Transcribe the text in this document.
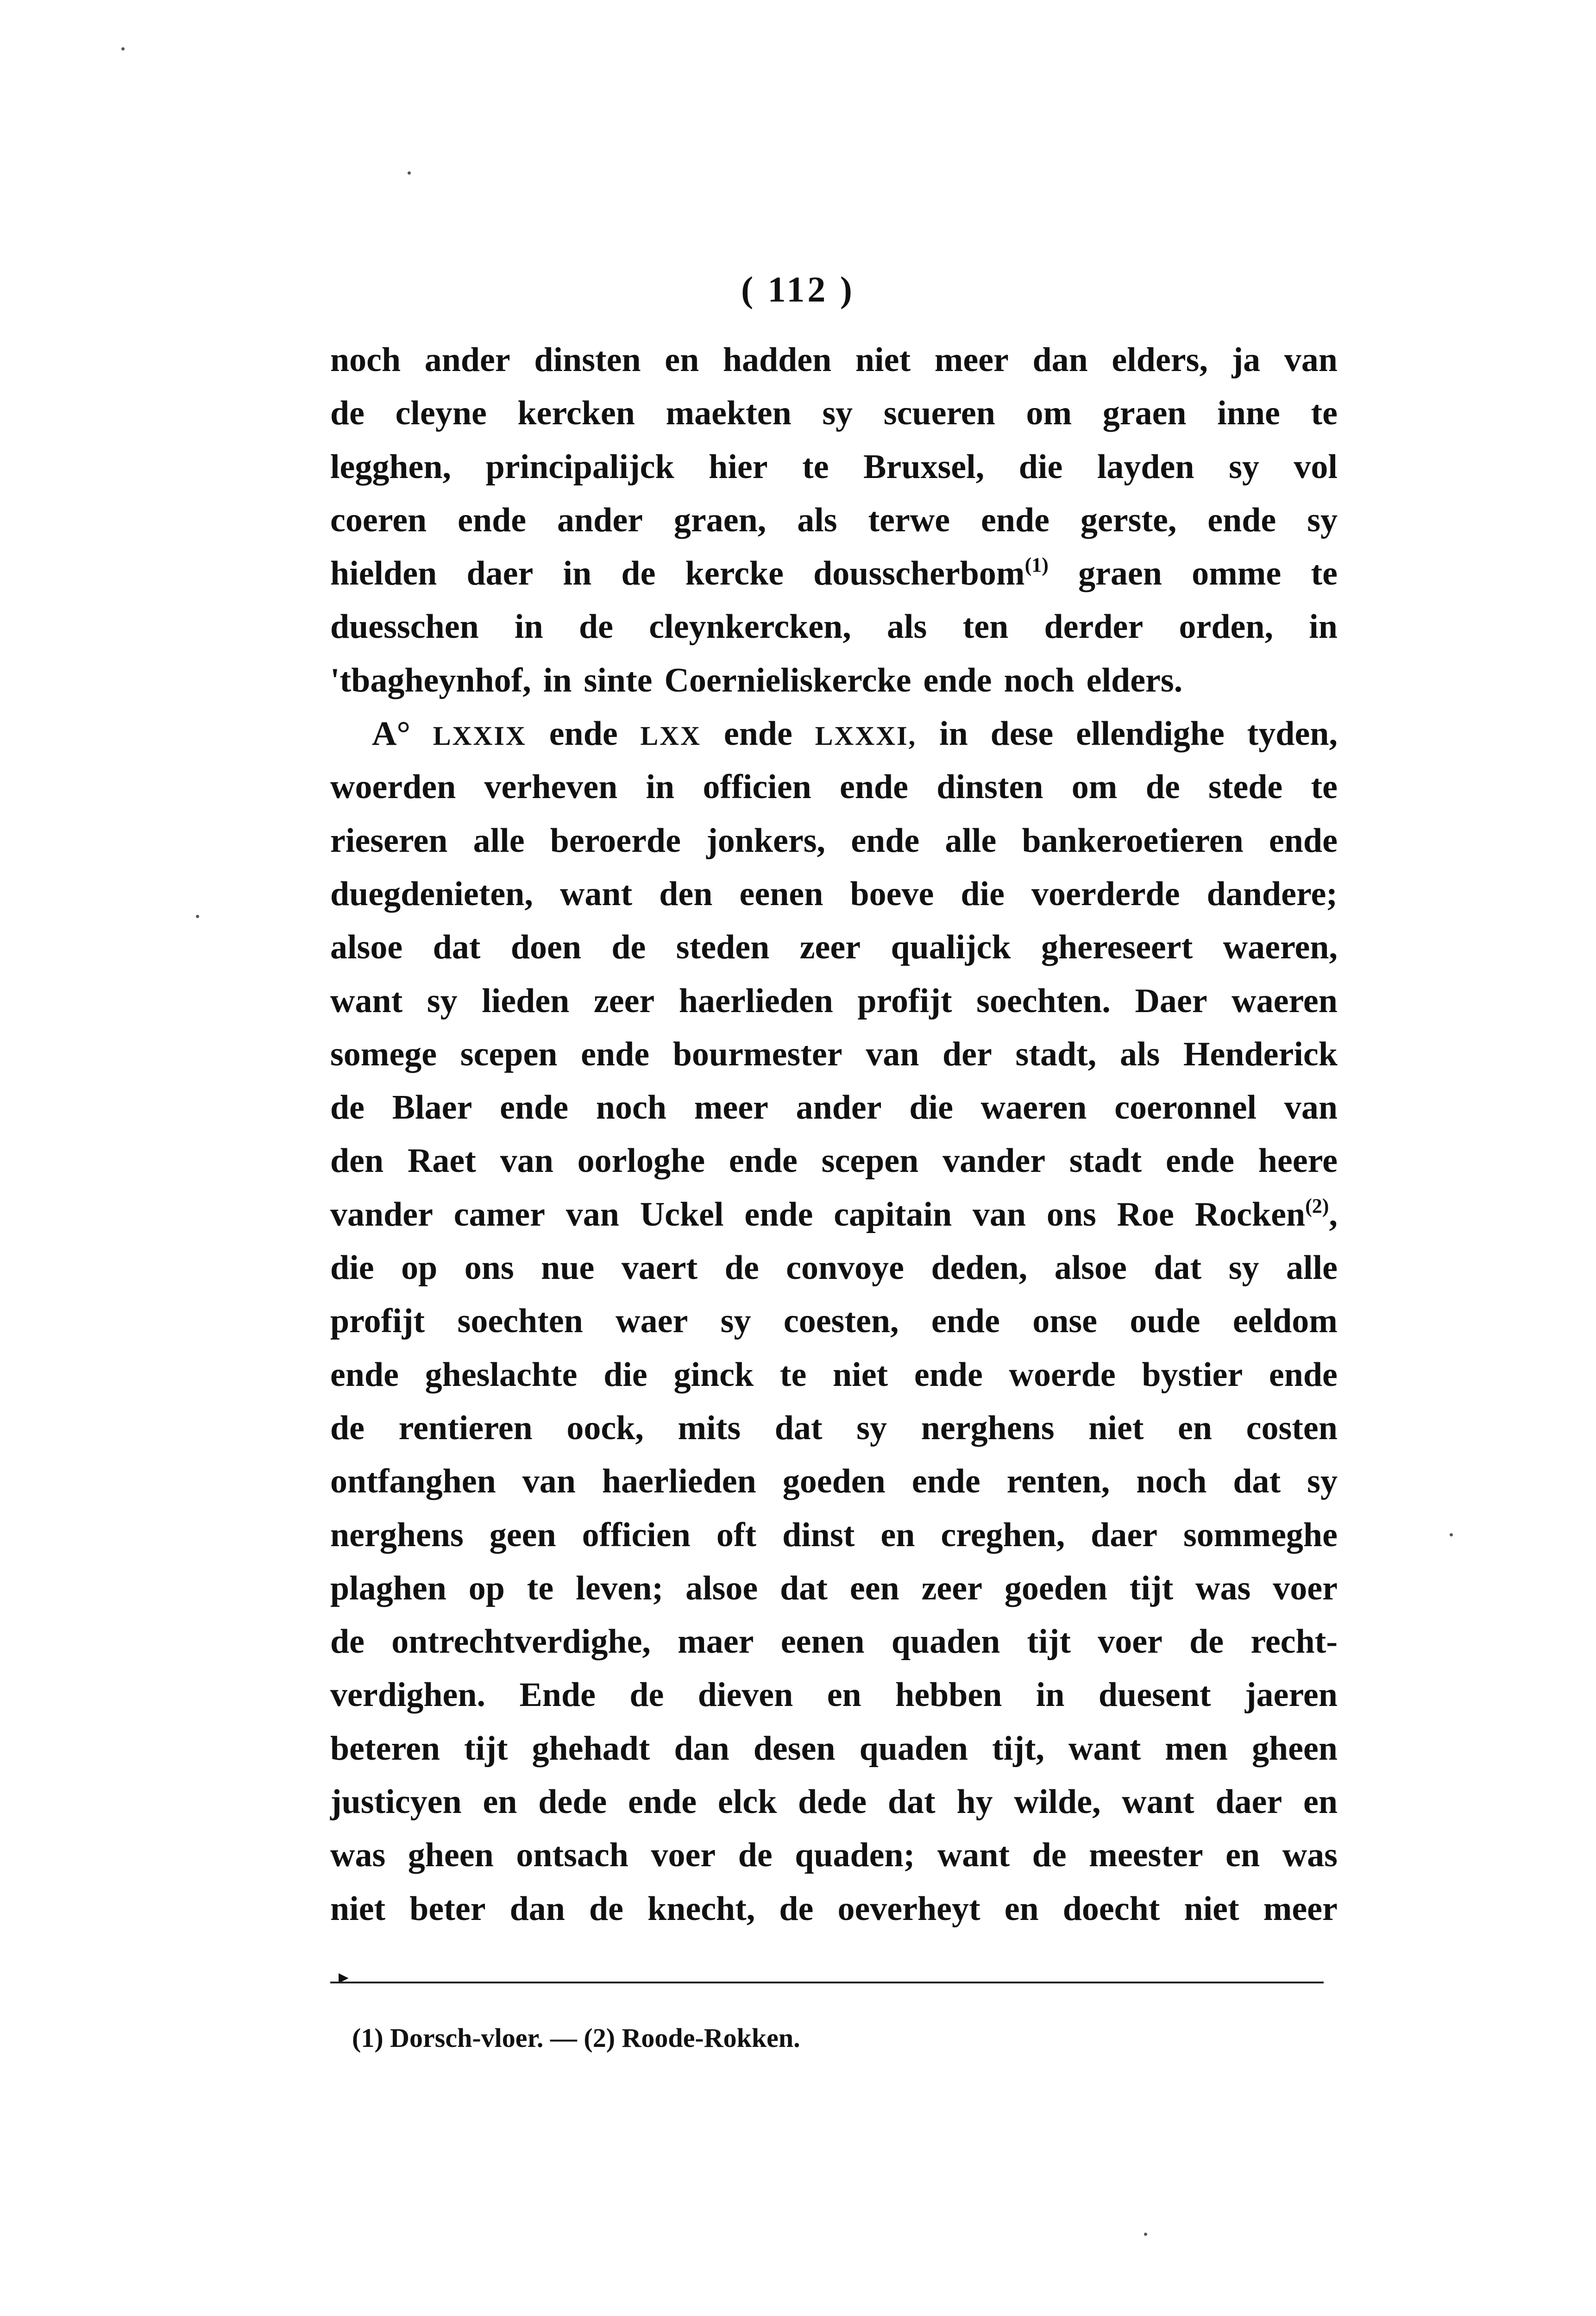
( 112 )
noch ander dinsten en hadden niet meer dan elders, ja van
de cleyne kercken maekten sy scueren om graen inne te
legghen, principalijck hier te Bruxsel, die layden sy vol
coeren ende ander graen, als terwe ende gerste, ende sy
hielden daer in de kercke dousscherbom$^{(1)}$ graen omme te
duesschen in de cleynkercken, als ten derder orden, in
'tbagheynhof, in sinte Coernieliskercke ende noch elders.
A° LXXIX ende LXX ende LXXXI, in dese ellendighe tyden,
woerden verheven in officien ende dinsten om de stede te
rieseren alle beroerde jonkers, ende alle bankeroetieren ende
duegdenieten, want den eenen boeve die voerderde dandere;
alsoe dat doen de steden zeer qualijck ghereseert waeren,
want sy lieden zeer haerlieden profijt soechten. Daer waeren
somege scepen ende bourmester van der stadt, als Henderick
de Blaer ende noch meer ander die waeren coeronnel van
den Raet van oorloghe ende scepen vander stadt ende heere
vander camer van Uckel ende capitain van ons Roe Rocken$^{(2)}$,
die op ons nue vaert de convoye deden, alsoe dat sy alle
profijt soechten waer sy coesten, ende onse oude eeldom
ende gheslachte die ginck te niet ende woerde bystier ende
de rentieren oock, mits dat sy nerghens niet en costen
ontfanghen van haerlieden goeden ende renten, noch dat sy
nerghens geen officien oft dinst en creghen, daer sommeghe
plaghen op te leven; alsoe dat een zeer goeden tijt was voer
de ontrechtverdighe, maer eenen quaden tijt voer de recht-
verdighen. Ende de dieven en hebben in duesent jaeren
beteren tijt ghehadt dan desen quaden tijt, want men gheen
justicyen en dede ende elck dede dat hy wilde, want daer en
was gheen ontsach voer de quaden; want de meester en was
niet beter dan de knecht, de oeverheyt en doecht niet meer
►
(1) Dorsch-vloer. — (2) Roode-Rokken.
